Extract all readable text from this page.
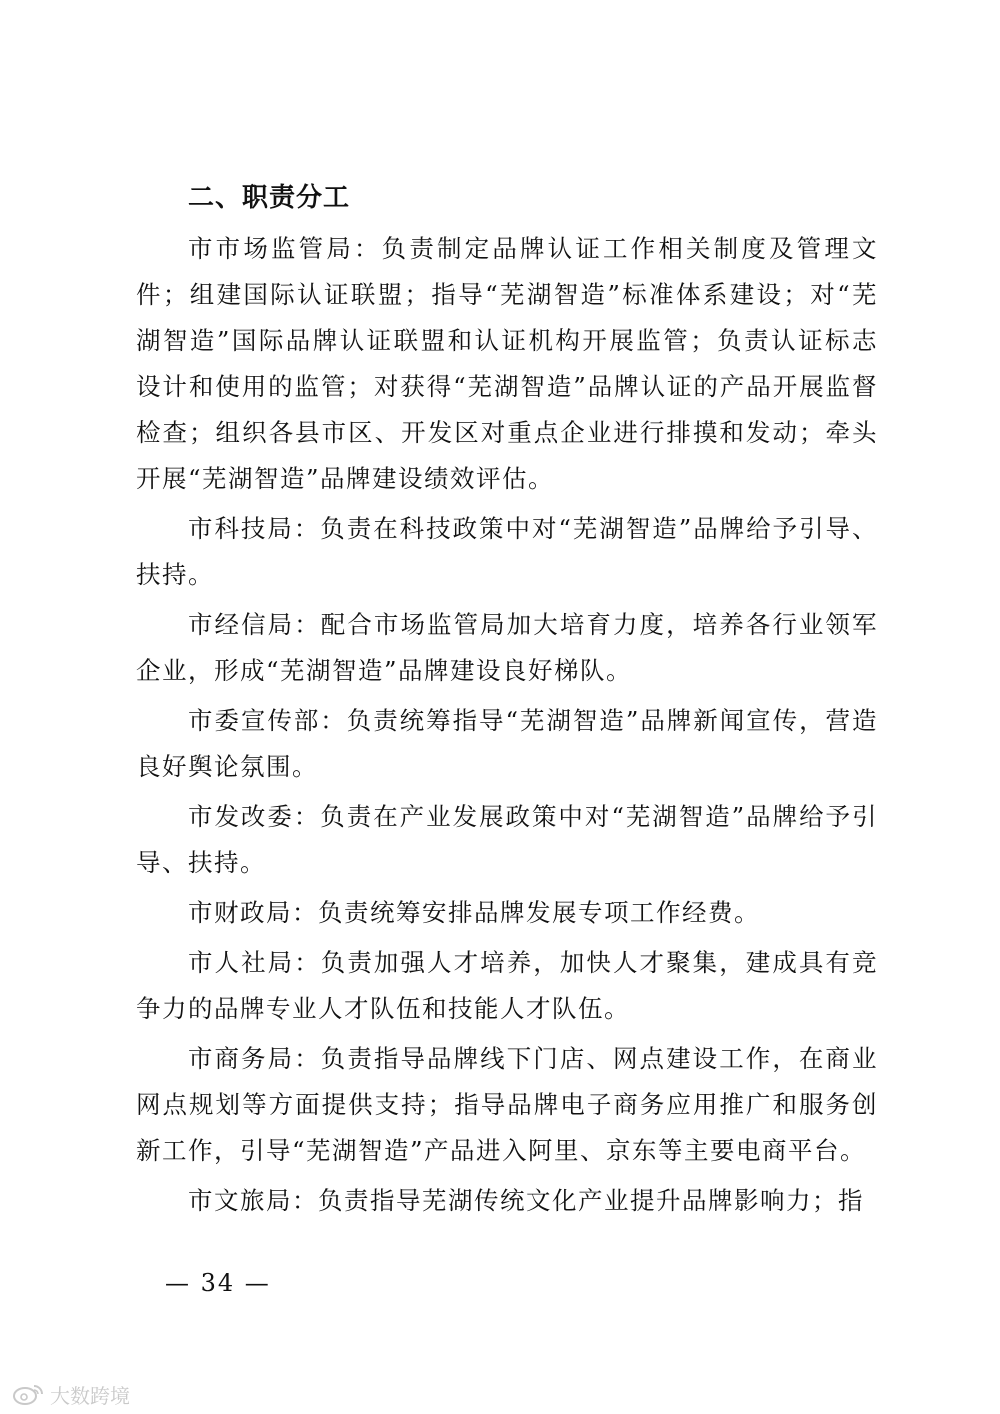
二、职责分工

市市场监管局：负责制定品牌认证工作相关制度及管理文件；组建国际认证联盟；指导“芜湖智造”标准体系建设；对“芜湖智造”国际品牌认证联盟和认证机构开展监管；负责认证标志设计和使用的监管；对获得“芜湖智造”品牌认证的产品开展监督检查；组织各县市区、开发区对重点企业进行排摸和发动；牵头开展“芜湖智造”品牌建设绩效评估。

市科技局：负责在科技政策中对“芜湖智造”品牌给予引导、扶持。

市经信局：配合市场监管局加大培育力度，培养各行业领军企业，形成“芜湖智造”品牌建设良好梯队。

市委宣传部：负责统筹指导“芜湖智造”品牌新闻宣传，营造良好舆论氛围。

市发改委：负责在产业发展政策中对“芜湖智造”品牌给予引导、扶持。

市财政局：负责统筹安排品牌发展专项工作经费。

市人社局：负责加强人才培养，加快人才聚集，建成具有竞争力的品牌专业人才队伍和技能人才队伍。

市商务局：负责指导品牌线下门店、网点建设工作，在商业网点规划等方面提供支持；指导品牌电子商务应用推广和服务创新工作，引导“芜湖智造”产品进入阿里、京东等主要电商平台。

市文旅局：负责指导芜湖传统文化产业提升品牌影响力；指

— 34 —
大数跨境
